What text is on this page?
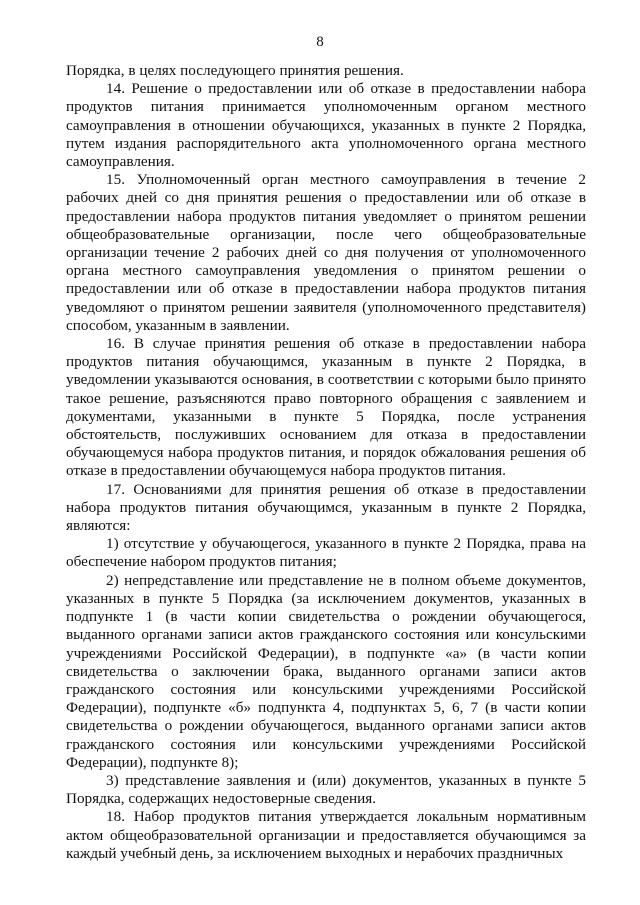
8

Порядка, в целях последующего принятия решения.

14. Решение о предоставлении или об отказе в предоставлении набора продуктов питания принимается уполномоченным органом местного самоуправления в отношении обучающихся, указанных в пункте 2 Порядка, путем издания распорядительного акта уполномоченного органа местного самоуправления.

15. Уполномоченный орган местного самоуправления в течение 2 рабочих дней со дня принятия решения о предоставлении или об отказе в предоставлении набора продуктов питания уведомляет о принятом решении общеобразовательные организации, после чего общеобразовательные организации течение 2 рабочих дней со дня получения от уполномоченного органа местного самоуправления уведомления о принятом решении о предоставлении или об отказе в предоставлении набора продуктов питания уведомляют о принятом решении заявителя (уполномоченного представителя) способом, указанным в заявлении.

16. В случае принятия решения об отказе в предоставлении набора продуктов питания обучающимся, указанным в пункте 2 Порядка, в уведомлении указываются основания, в соответствии с которыми было принято такое решение, разъясняются право повторного обращения с заявлением и документами, указанными в пункте 5 Порядка, после устранения обстоятельств, послуживших основанием для отказа в предоставлении обучающемуся набора продуктов питания, и порядок обжалования решения об отказе в предоставлении обучающемуся набора продуктов питания.

17. Основаниями для принятия решения об отказе в предоставлении набора продуктов питания обучающимся, указанным в пункте 2 Порядка, являются:

1) отсутствие у обучающегося, указанного в пункте 2 Порядка, права на обеспечение набором продуктов питания;

2) непредставление или представление не в полном объеме документов, указанных в пункте 5 Порядка (за исключением документов, указанных в подпункте 1 (в части копии свидетельства о рождении обучающегося, выданного органами записи актов гражданского состояния или консульскими учреждениями Российской Федерации), в подпункте «а» (в части копии свидетельства о заключении брака, выданного органами записи актов гражданского состояния или консульскими учреждениями Российской Федерации), подпункте «б» подпункта 4, подпунктах 5, 6, 7 (в части копии свидетельства о рождении обучающегося, выданного органами записи актов гражданского состояния или консульскими учреждениями Российской Федерации), подпункте 8);

3) представление заявления и (или) документов, указанных в пункте 5 Порядка, содержащих недостоверные сведения.

18. Набор продуктов питания утверждается локальным нормативным актом общеобразовательной организации и предоставляется обучающимся за каждый учебный день, за исключением выходных и нерабочих праздничных
